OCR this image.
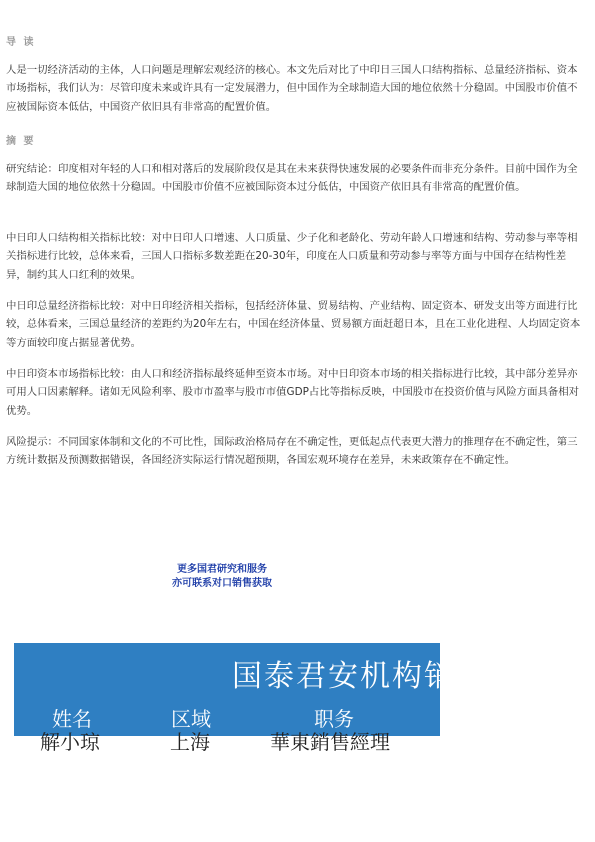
导 读

人是一切经济活动的主体，人口问题是理解宏观经济的核心。本文先后对比了中印日三国人口结构指标、总量经济指标、资本市场指标，我们认为：尽管印度未来或许具有一定发展潜力，但中国作为全球制造大国的地位依然十分稳固。中国股市价值不应被国际资本低估，中国资产依旧具有非常高的配置价值。

摘 要

研究结论：印度相对年轻的人口和相对落后的发展阶段仅是其在未来获得快速发展的必要条件而非充分条件。目前中国作为全球制造大国的地位依然十分稳固。中国股市价值不应被国际资本过分低估，中国资产依旧具有非常高的配置价值。

中日印人口结构相关指标比较：对中日印人口增速、人口质量、少子化和老龄化、劳动年龄人口增速和结构、劳动参与率等相关指标进行比较，总体来看，三国人口指标多数差距在20-30年，印度在人口质量和劳动参与率等方面与中国存在结构性差异，制约其人口红利的效果。

中日印总量经济指标比较：对中日印经济相关指标，包括经济体量、贸易结构、产业结构、固定资本、研发支出等方面进行比较，总体看来，三国总量经济的差距约为20年左右，中国在经济体量、贸易额方面赶超日本，且在工业化进程、人均固定资本等方面较印度占据显著优势。

中日印资本市场指标比较：由人口和经济指标最终延伸至资本市场。对中日印资本市场的相关指标进行比较，其中部分差异亦可用人口因素解释。诸如无风险利率、股市市盈率与股市市值GDP占比等指标反映，中国股市在投资价值与风险方面具备相对优势。

风险提示：不同国家体制和文化的不可比性，国际政治格局存在不确定性，更低起点代表更大潜力的推理存在不确定性，第三方统计数据及预测数据错误，各国经济实际运行情况超预期，各国宏观环境存在差异，未来政策存在不确定性。

更多国君研究和服务
亦可联系对口销售获取
国泰君安机构销售
姓名	区域	职务
解小琼	上海	華東銷售經理
